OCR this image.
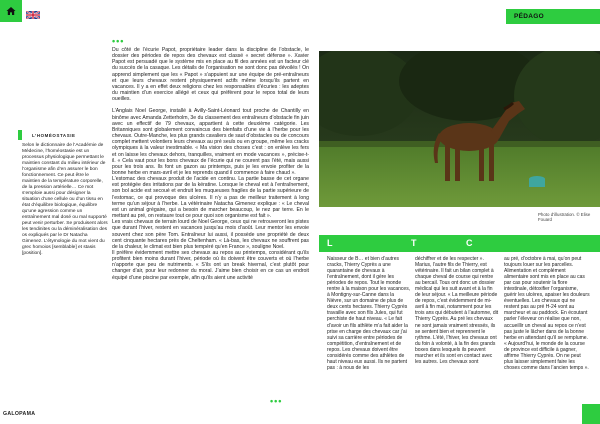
PÉDAGO
•••
•••

Du côté de l’écurie Papot, propriétaire leader dans la discipline de l’obstacle, le dossier des périodes de repos des chevaux est classé « secret défense ». Xavier Papot est persuadé que le système mis en place au fil des années est un facteur clé du succès de la casaque. Les détails de l’organisation ne sont donc pas dévoilés ! On apprend simplement que les « Papot » s’appuient sur une équipe de pré-entraîneurs et que leurs chevaux restent physiquement actifs même lorsqu’ils partent en vacances. Il y a en effet deux religions chez les responsables d’écuries : les adeptes du maintien d’un exercice allégé et ceux qui préfèrent pour le repos total de leurs oueilles.

L’Anglais Noel George, installé à Avilly-Saint-Léonard tout proche de Chantilly en binôme avec Amanda Zetterholm, 3e du classement des entraîneurs d’obstacle fin juin avec un effectif de 79 chevaux, appartient à cette deuxième catégorie. Les Britanniques sont globalement convaincus des bienfaits d’une vie à l’herbe pour les chevaux. Outre-Manche, les plus grands cavaliers de saut d’obstacles ou de concours complet mettent volontiers leurs chevaux au pré seuls ou en groupe, même les cracks olympiques à la valeur inestimable. « Ma vision des choses c’est : on enlève les fers et on laisse les chevaux dehors, tranquilles, vraiment en mode vacances », précise-t-il. « Cela vaut pour les bons chevaux de l’écurie qui ne courent pas l’été, mais aussi pour les trois ans. Ils font un gazon au printemps, puis je les envoie profiter de la bonne herbe en mars-avril et je les reprends quand il commence à faire chaud ».

L’estomac des chevaux produit de l’acide en continu. La partie basse de cet organe est protégée des irritations par de la kératine. Lorsque le cheval est à l’entraînement, son bol acide est secoué et endruit les muqueuses fragiles de la partie supérieure de l’estomac, ce qui provoque des ulcères. Il n’y a pas de meilleur traitement à long terme qu’un séjour à l’herbe. La vétérinaire Natacha Gimenez explique : « Le cheval est un animal grégaire, qui a besoin de marcher beaucoup, le nez par terre. En le mettant au pré, on restaure tout ce pour quoi son organisme est fait ».

Les vrais chevaux de terrain lourd de Noel George, ceux qui ne retrouveront les pistes que durant l’hiver, restent en vacances jusqu’au mois d’août. Leur mentor les envoie souvent chez son père Tom. Entraîneur lui aussi, il possède une propriété de deux cent cinquante hectares près de Cheltenham. « Là-bas, les chevaux ne souffrent pas de la chaleur, le climat est bien plus tempéré qu’en France », souligne Noel.

Il préfère évidemment mettre ses chevaux au repos au printemps, considérant qu’ils profitent bien moins durant l’hiver, période où ils doivent être couverts et où l’herbe n’apporte que peu de nutriments. « S’ils ont un break hivernal, c’est plutôt pour changer d’air, pour leur redonner du moral. J’aime bien choisir en ce cas un endroit équipé d’une piscine par exemple, afin qu’ils aient une activité

L’HOMÉOSTASIE
Selon le dictionnaire de l’Académie de Médecine, l’homéostasie est un processus physiologique permettant le maintien constant du milieu intérieur de l’organisme afin d’en assurer le bon fonctionnement. Ce peut être le maintien de la température corporelle, de la pression artérielle… Ce mot s’emploie aussi pour désigner la situation d’une cellule ou d’un tissu en état d’équilibre biologique, équilibre qu’une agression comme un entraînement mal dosé ou mal supporté peut venir perturber. Se produisent alors les tendinites ou la déminéralisation des os expliqués par le Dr Natacha Gimenez. L’étymologie du mot vient du grec homoios [semblable] et stasis [position].
Photo d’illustration. © Elise Fouard
L	T	C
Naisseur de B… et bien d’autres cracks, Thierry Cyprès a une quarantaine de chevaux à l’entraînement, dont il gère les périodes de repos. Tout le monde rentre à la maison pour les vacances, à Montigny-sur-Canne dans la Nièvre, sur un domaine de plus de deux cents hectares. Thierry Cyprès travaille avec son fils Jules, qui fut perchiste de haut niveau. « Le fait d’avoir un fils athlète m’a fait aider la prise en charge des chevaux car j’ai suivi sa carrière entre périodes de compétition, d’entraînement et de repos. Les chevaux doivent être considérés comme des athlètes de haut niveau eux aussi. Ils ne partent pas : à nous de les
déchiffrer et de les respecter ». Marius, l’autre fils de Thierry, est vétérinaire. Il fait un bilan complet à chaque cheval de course qui rentre au bercail. Tous ont donc un dossier médical qui les suit avant et à la fin de leur séjour. « La meilleure période de repos, c’est évidemment de mi-avril à fin mai, notamment pour les trois ans qui débutent à l’automne, dit Thierry Cyprès. Au pré les chevaux ne sont jamais vraiment stressés, ils se sentent bien et reprennent le rythme. L’été, l’hiver, les chevaux ont du foin à volonté, à la fin des grands boxes dans lesquels ils peuvent marcher et ils sont en contact avec les autres. Les chevaux sont
au pré, d’octobre à mai, qu’on peut toujours louer sur les parcelles. Alimentation et complément alimentaire sont mis en place au cas par cas pour soutenir la flore intestinale, détoxifier l’organisme, guérir les ulcères, apaiser les douleurs éventuelles. Les chevaux qui ne restent pas au pré H-24 vont au marcheur et au paddock. En écoutant parler l’éleveur on réalise que non, accueillir un cheval au repos ce n’est pas juste le lâcher dans de la bonne herbe en attendant qu’il se remplume. « Aujourd’hui, le monde de la course de province est difficile à gagner, affirme Thierry Cyprès. On ne peut plus laisser simplement faire les choses comme dans l’ancien temps ».
GALOPAMA
